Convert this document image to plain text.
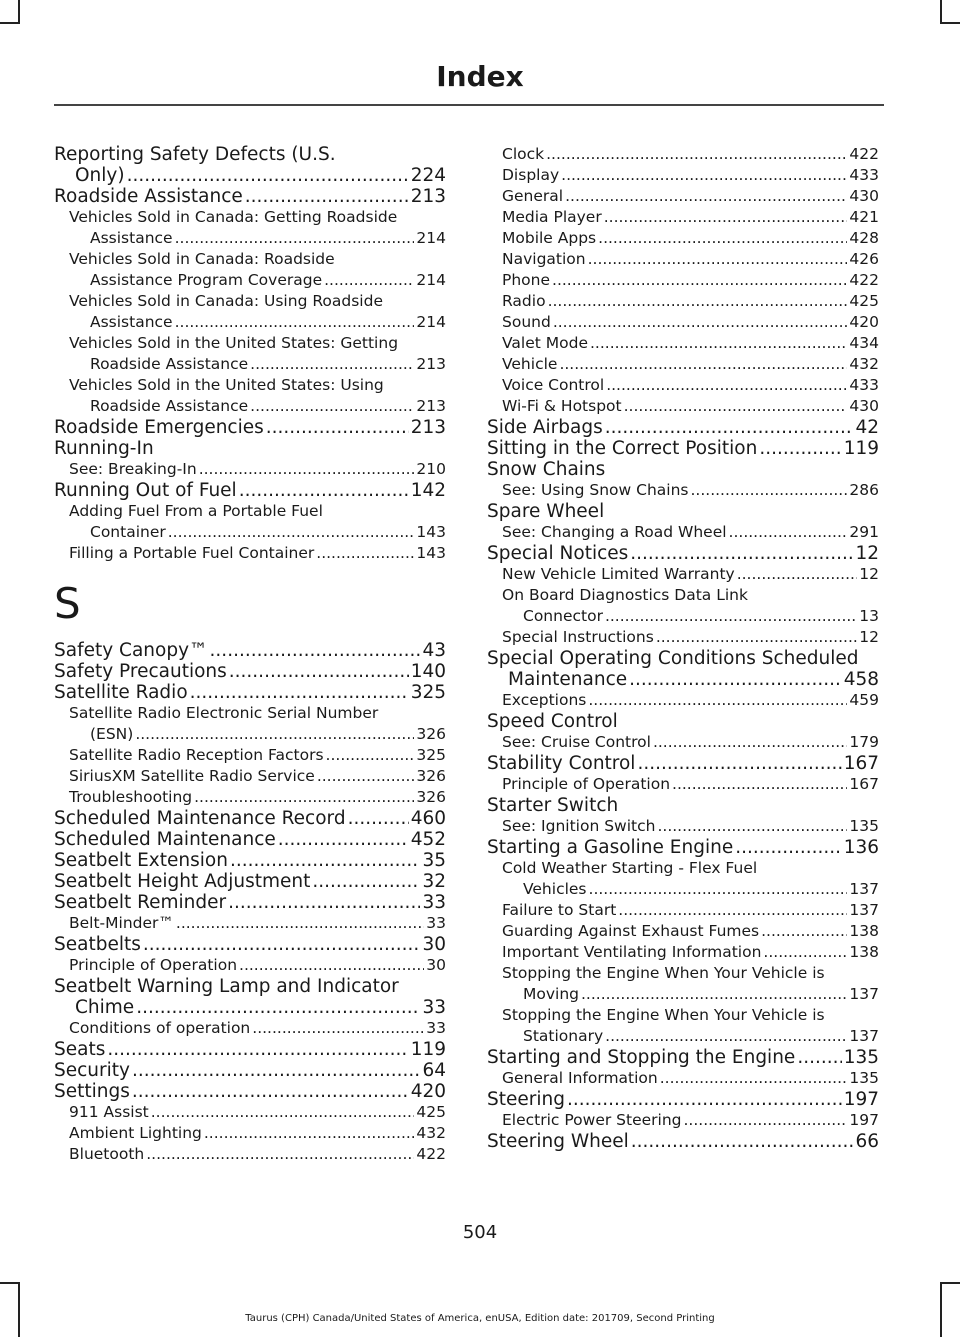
Index
Reporting Safety Defects (U.S.
Only) .....	224
Roadside Assistance .....	213
Vehicles Sold in Canada: Getting Roadside
Assistance .....	214
Vehicles Sold in Canada: Roadside
Assistance Program Coverage .....	214
Vehicles Sold in Canada: Using Roadside
Assistance .....	214
Vehicles Sold in the United States: Getting
Roadside Assistance .....	213
Vehicles Sold in the United States: Using
Roadside Assistance .....	213
Roadside Emergencies .....	213
Running-In
See: Breaking-In .....	210
Running Out of Fuel .....	142
Adding Fuel From a Portable Fuel
Container .....	143
Filling a Portable Fuel Container .....	143
S
Safety Canopy™ .....	43
Safety Precautions .....	140
Satellite Radio .....	325
Satellite Radio Electronic Serial Number
(ESN) .....	326
Satellite Radio Reception Factors .....	325
SiriusXM Satellite Radio Service .....	326
Troubleshooting .....	326
Scheduled Maintenance Record .....	460
Scheduled Maintenance .....	452
Seatbelt Extension .....	35
Seatbelt Height Adjustment .....	32
Seatbelt Reminder .....	33
Belt-Minder™ .....	33
Seatbelts .....	30
Principle of Operation .....	30
Seatbelt Warning Lamp and Indicator
Chime .....	33
Conditions of operation .....	33
Seats .....	119
Security .....	64
Settings .....	420
911 Assist .....	425
Ambient Lighting .....	432
Bluetooth .....	422
Clock .....	422
Display .....	433
General .....	430
Media Player .....	421
Mobile Apps .....	428
Navigation .....	426
Phone .....	422
Radio .....	425
Sound .....	420
Valet Mode .....	434
Vehicle .....	432
Voice Control .....	433
Wi-Fi & Hotspot .....	430
Side Airbags .....	42
Sitting in the Correct Position .....	119
Snow Chains
See: Using Snow Chains .....	286
Spare Wheel
See: Changing a Road Wheel .....	291
Special Notices .....	12
New Vehicle Limited Warranty .....	12
On Board Diagnostics Data Link
Connector .....	13
Special Instructions .....	12
Special Operating Conditions Scheduled
Maintenance .....	458
Exceptions .....	459
Speed Control
See: Cruise Control .....	179
Stability Control .....	167
Principle of Operation .....	167
Starter Switch
See: Ignition Switch .....	135
Starting a Gasoline Engine .....	136
Cold Weather Starting - Flex Fuel
Vehicles .....	137
Failure to Start .....	137
Guarding Against Exhaust Fumes .....	138
Important Ventilating Information .....	138
Stopping the Engine When Your Vehicle is
Moving .....	137
Stopping the Engine When Your Vehicle is
Stationary .....	137
Starting and Stopping the Engine .....	135
General Information .....	135
Steering .....	197
Electric Power Steering .....	197
Steering Wheel .....	66
504
Taurus (CPH) Canada/United States of America, enUSA, Edition date: 201709, Second Printing
